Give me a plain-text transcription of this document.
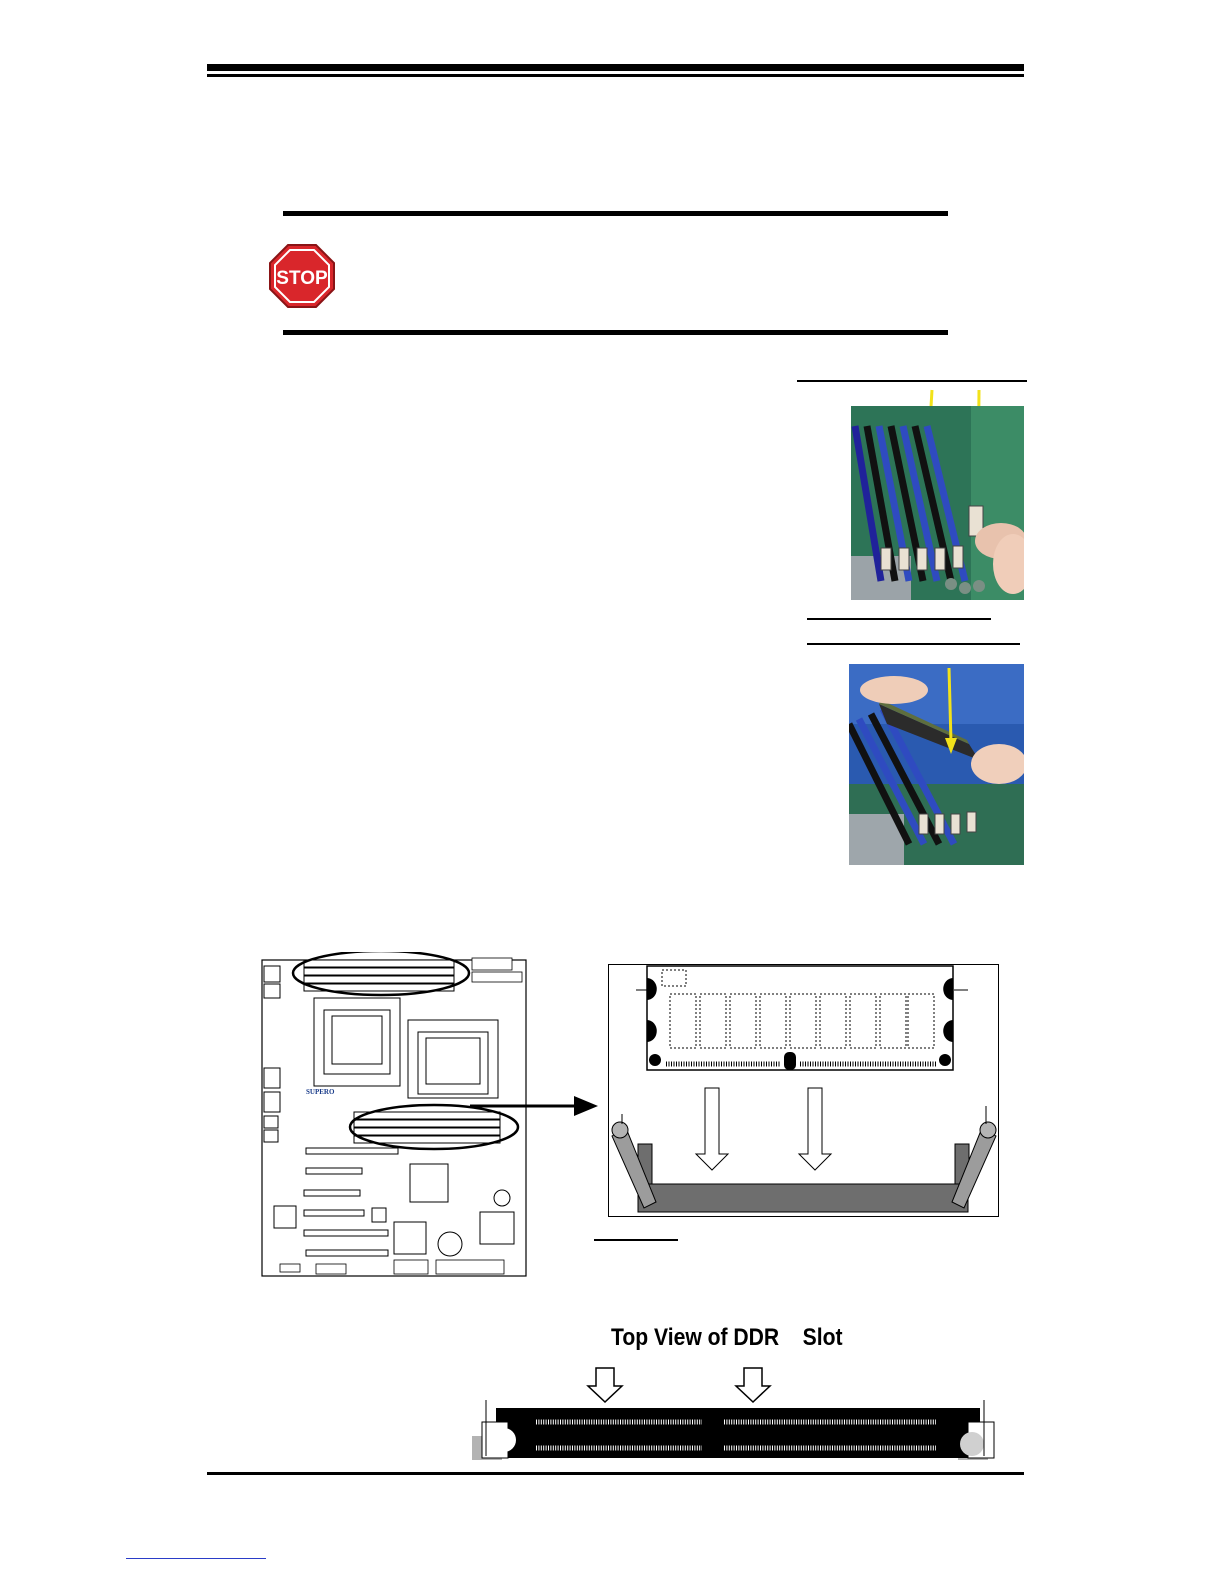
STOP
SUPERO
Top View of DDR    Slot
